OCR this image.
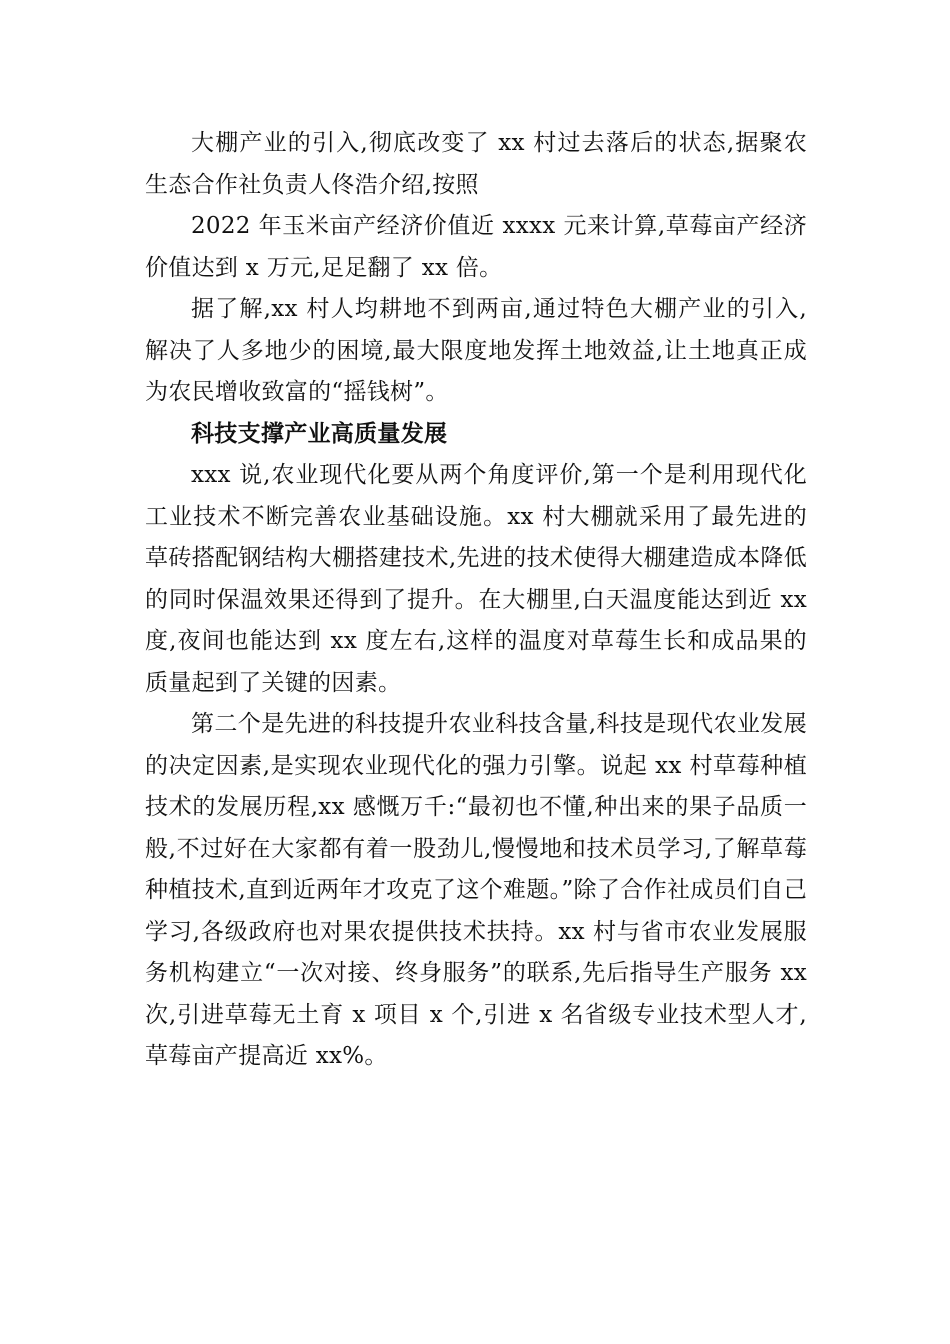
大棚产业的引入,彻底改变了 xx 村过去落后的状态,据聚农生态合作社负责人佟浩介绍,按照

2022 年玉米亩产经济价值近 xxxx 元来计算,草莓亩产经济价值达到 x 万元,足足翻了 xx 倍。

据了解,xx 村人均耕地不到两亩,通过特色大棚产业的引入,解决了人多地少的困境,最大限度地发挥土地效益,让土地真正成为农民增收致富的“摇钱树”。

科技支撑产业高质量发展

xxx 说,农业现代化要从两个角度评价,第一个是利用现代化工业技术不断完善农业基础设施。xx 村大棚就采用了最先进的草砖搭配钢结构大棚搭建技术,先进的技术使得大棚建造成本降低的同时保温效果还得到了提升。在大棚里,白天温度能达到近 xx 度,夜间也能达到 xx 度左右,这样的温度对草莓生长和成品果的质量起到了关键的因素。

第二个是先进的科技提升农业科技含量,科技是现代农业发展的决定因素,是实现农业现代化的强力引擎。说起 xx 村草莓种植技术的发展历程,xx 感慨万千:“最初也不懂,种出来的果子品质一般,不过好在大家都有着一股劲儿,慢慢地和技术员学习,了解草莓种植技术,直到近两年才攻克了这个难题。”除了合作社成员们自己学习,各级政府也对果农提供技术扶持。xx 村与省市农业发展服务机构建立“一次对接、终身服务”的联系,先后指导生产服务 xx 次,引进草莓无土育 x 项目 x 个,引进 x 名省级专业技术型人才,草莓亩产提高近 xx%。
